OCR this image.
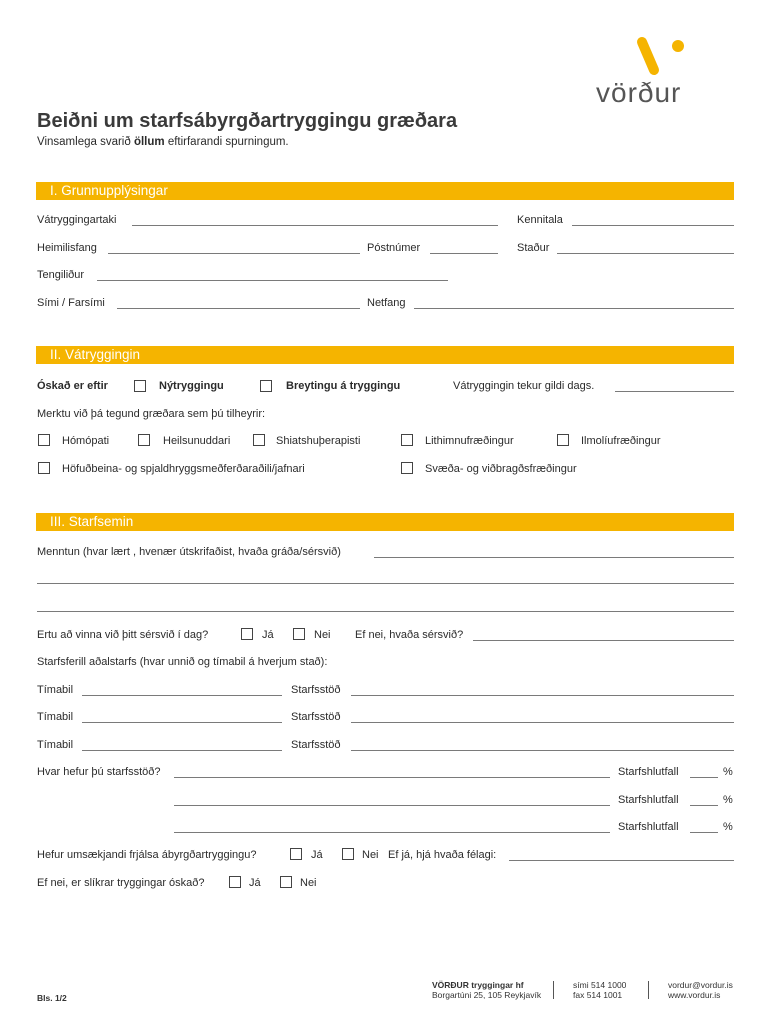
vörður
Beiðni um starfsábyrgðartryggingu græðara
Vinsamlega svarið öllum eftirfarandi spurningum.
I. Grunnupplýsingar
Vátryggingartaki	Kennitala
Heimilisfang	Póstnúmer	Staður
Tengiliður
Sími / Farsími	Netfang
II. Vátryggingin
Óskað er eftir	Nýtryggingu	Breytingu á tryggingu	Vátryggingin tekur gildi dags.
Merktu við þá tegund græðara sem þú tilheyrir:
Hómópati	Heilsunuddari	Shiatshuþerapisti	Lithimnufræðingur	Ilmolíufræðingur
Höfuðbeina- og spjaldhryggsmeðferðaraðili/jafnari	Svæða- og viðbragðsfræðingur
III. Starfsemin
Menntun (hvar lært , hvenær útskrifaðist, hvaða gráða/sérsvið)
Ertu að vinna við þitt sérsvið í dag?	Já	Nei Ef nei, hvaða sérsvið?
Starfsferill aðalstarfs (hvar unnið og tímabil á hverjum stað):
Tímabil	Starfsstöð
Tímabil	Starfsstöð
Tímabil	Starfsstöð
Hvar hefur þú starfsstöð?	Starfshlutfall	%
Starfshlutfall	%
Starfshlutfall	%
Hefur umsækjandi frjálsa ábyrgðartryggingu?	Já	Nei Ef já, hjá hvaða félagi:
Ef nei, er slíkrar tryggingar óskað?	Já	Nei
Bls. 1/2
VÖRÐUR tryggingar hf
Borgartúni 25, 105 Reykjavík
sími 514 1000
fax 514 1001
vordur@vordur.is
www.vordur.is
